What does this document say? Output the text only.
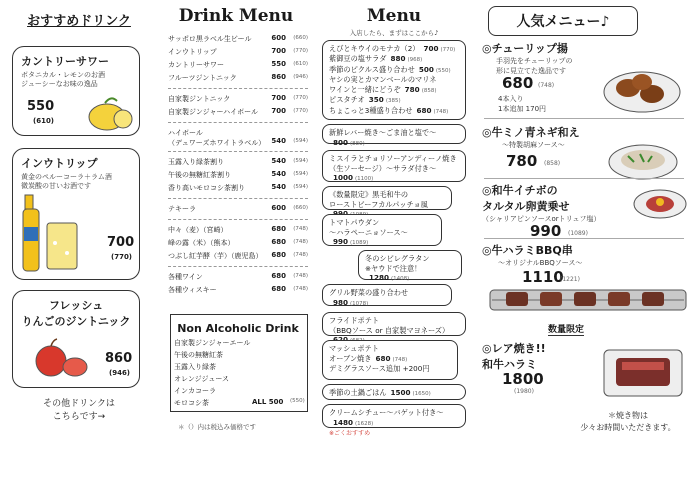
おすすめドリンク
カントリーサワー
ボタニカル・レモンのお酒
ジューシーなお味の逸品
550
(610)
インウトリップ
黄金のペルーコーラ＋ラム酒
微炭酸の甘いお酒です
700
(770)
フレッシュ
りんごのジントニック
860
(946)
その他ドリンクは
こちらです→
Drink Menu
サッポロ黒ラベル生ビール	600 (660)
インウトリップ	700 (770)
カントリーサワー	550 (610)
フルーツジントニック	860 (946)
自家製ジントニック	700 (770)
自家製ジンジャーハイボール 700 (770)
ハイボール
（デュワーズホワイトラベル） 540 (594)
玉露入り緑茶割り	540 (594)
午後の無糖紅茶割り	540 (594)
香り高いモロコシ茶割り	540 (594)
テキーラ	600 (660)
中々（麦）（宮崎）	680 (748)
峰の露（米）（熊本）	680 (748)
つぶし紅芋酵（芋）（鹿児島） 680 (748)
各種ワイン	680 (748)
各種ウィスキー	680 (748)
Non Alcoholic Drink
自家製ジンジャーエール
午後の無糖紅茶
玉露入り緑茶
オレンジジュース
インカコーラ
モロコシ茶	ALL 500 (550)
＊（）内は税込み価格です
Menu
入店したら、まずはここから♪
えびとキウイのモナカ（2） 700 (770)
紫御豆の塩サラダ 880 (968)
季節のピクルス盛り合わせ 500 (550)
ヤシの実とカマンベールのマリネ
ワインと一緒にどうぞ 780 (858)
ピスタチオ 350 (385)
ちょこっと3種盛り合わせ 680 (748)
新鮮レバー焼き〜ごま油と塩で〜800 (880)
ミスイラとチョリソーアンディーノ焼き
（生ソーセージ）〜サラダ付き〜1000 (1100)
《数量限定》黒毛和牛の
ローストビーフカルパッチョ風
トマトパウダン
〜ハラペーニョソース〜990 (1089)
冬のシビレグラタン
※ヤウドで注意！1280 (1408)
グリル野菜の盛り合わせ980 (1078)
フライドポテト
（BBQソース or 自家製マヨネーズ）
マッシュポテト
オーブン焼き 680 (748)
デミグラスソース追加 +200円
季節の土鍋ごはん 1500 (1650)
クリームシチュー〜バゲット付き〜1480 (1628)
※ごくおすすめ
人気メニュー♪
◎チューリップ揚
手羽先をチューリップの
形に見立てた逸品です
680 (748)
4本入り
1本追加 170円
◎牛ミノ青ネギ和え
〜特製胡麻ソース〜
780 (858)
◎和牛イチボの
タルタル卵黄乗せ
（シャリアピンソースorトリュフ塩）
990 (1089)
◎牛ハラミBBQ串
〜オリジナルBBQソース〜
1110
(1221)
数量限定
◎レア焼き!!
和牛ハラミ
1800
(1980)
＊焼き物は
少々お時間いただきます。
